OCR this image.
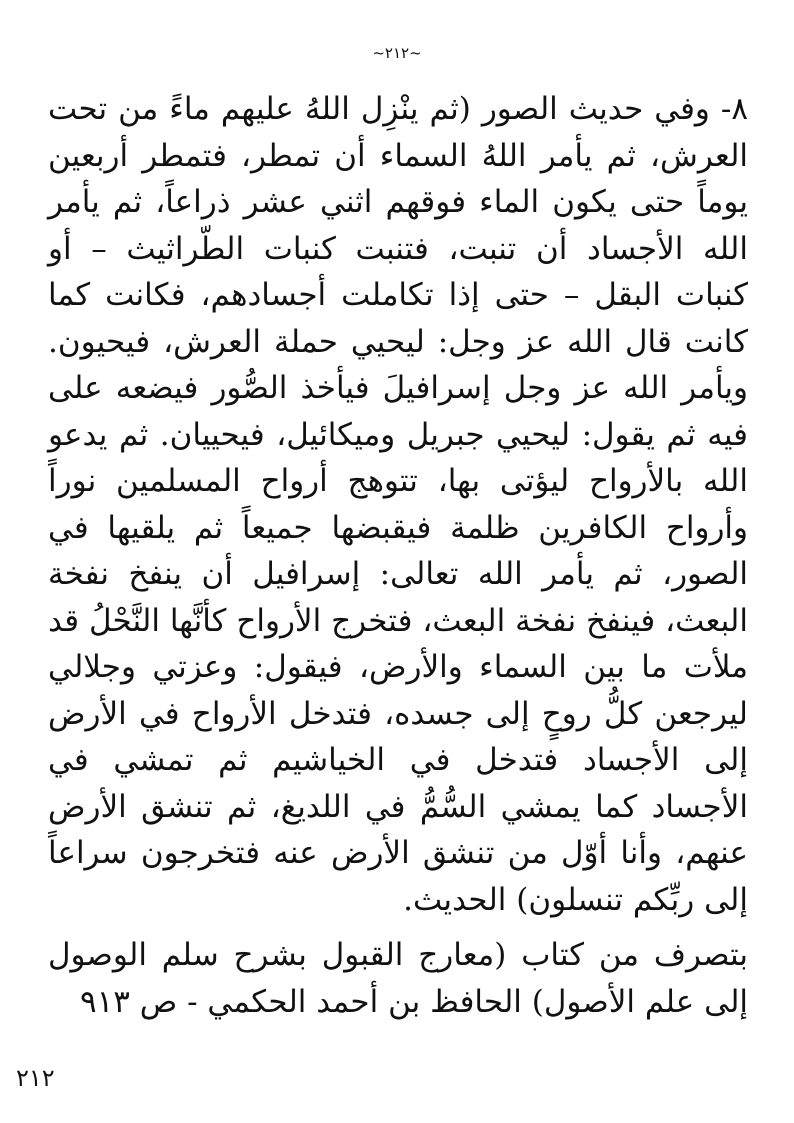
~٢١٢~

٨- وفي حديث الصور (ثم ينْزِل اللهُ عليهم ماءً من تحت العرش، ثم يأمر اللهُ السماء أن تمطر، فتمطر أربعين يوماً حتى يكون الماء فوقهم اثني عشر ذراعاً، ثم يأمر الله الأجساد أن تنبت، فتنبت كنبات الطّراثيث – أو كنبات البقل – حتى إذا تكاملت أجسادهم، فكانت كما كانت قال الله عز وجل: ليحيي حملة العرش، فيحيون. ويأمر الله عز وجل إسرافيلَ فيأخذ الصُّور فيضعه على فيه ثم يقول: ليحيي جبريل وميكائيل، فيحييان. ثم يدعو الله بالأرواح ليؤتى بها، تتوهج أرواح المسلمين نوراً وأرواح الكافرين ظلمة فيقبضها جميعاً ثم يلقيها في الصور، ثم يأمر الله تعالى: إسرافيل أن ينفخ نفخة البعث، فينفخ نفخة البعث، فتخرج الأرواح كأنَّها النَّحْلُ قد ملأت ما بين السماء والأرض، فيقول: وعزتي وجلالي ليرجعن كلُّ روحٍ إلى جسده، فتدخل الأرواح في الأرض إلى الأجساد فتدخل في الخياشيم ثم تمشي في الأجساد كما يمشي السُّمُّ في اللديغ، ثم تنشق الأرض عنهم، وأنا أوّل من تنشق الأرض عنه فتخرجون سراعاً إلى ربِّكم تنسلون) الحديث.

بتصرف من كتاب (معارج القبول بشرح سلم الوصول إلى علم الأصول) الحافظ بن أحمد الحكمي - ص ٩١٣

٢١٢
